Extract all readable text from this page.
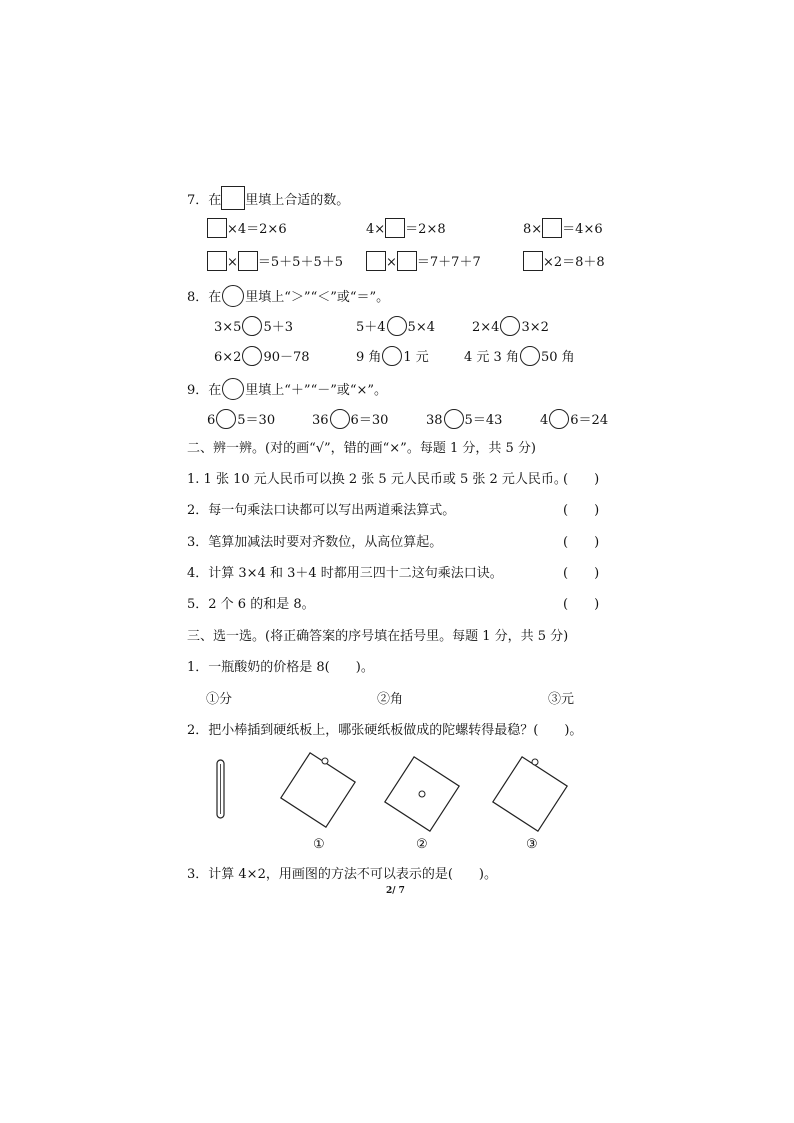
7．在 里填上合适的数。
×4＝2×6	4× ＝2×8	8× ＝4×6
× ＝5＋5＋5＋5	× ＝7＋7＋7	×2＝8＋8
8．在 里填上“＞”“＜”或“＝”。
3×5 5＋3	5＋4 5×4	2×4 3×2
6×2 90－78	9 角 1 元	4 元 3 角 50 角
9．在 里填上“＋”“－”或“×”。
6 5＝30	36 6＝30	38 5＝43	4 6＝24
二、辨一辨。(对的画“√”，错的画“×”。每题 1 分，共 5 分)
1. 1 张 10 元人民币可以换 2 张 5 元人民币或 5 张 2 元人民币。
(　　)
2．每一句乘法口诀都可以写出两道乘法算式。	(　　)
3．笔算加减法时要对齐数位，从高位算起。	(　　)
4．计算 3×4 和 3＋4 时都用三四十二这句乘法口诀。	(　　)
5．2 个 6 的和是 8。	(　　)
三、选一选。(将正确答案的序号填在括号里。每题 1 分，共 5 分)
1．一瓶酸奶的价格是 8(　　)。
①分	②角	③元
2．把小棒插到硬纸板上，哪张硬纸板做成的陀螺转得最稳？(　　)。
①	②	③
3．计算 4×2，用画图的方法不可以表示的是(　　)。
2/ 7
